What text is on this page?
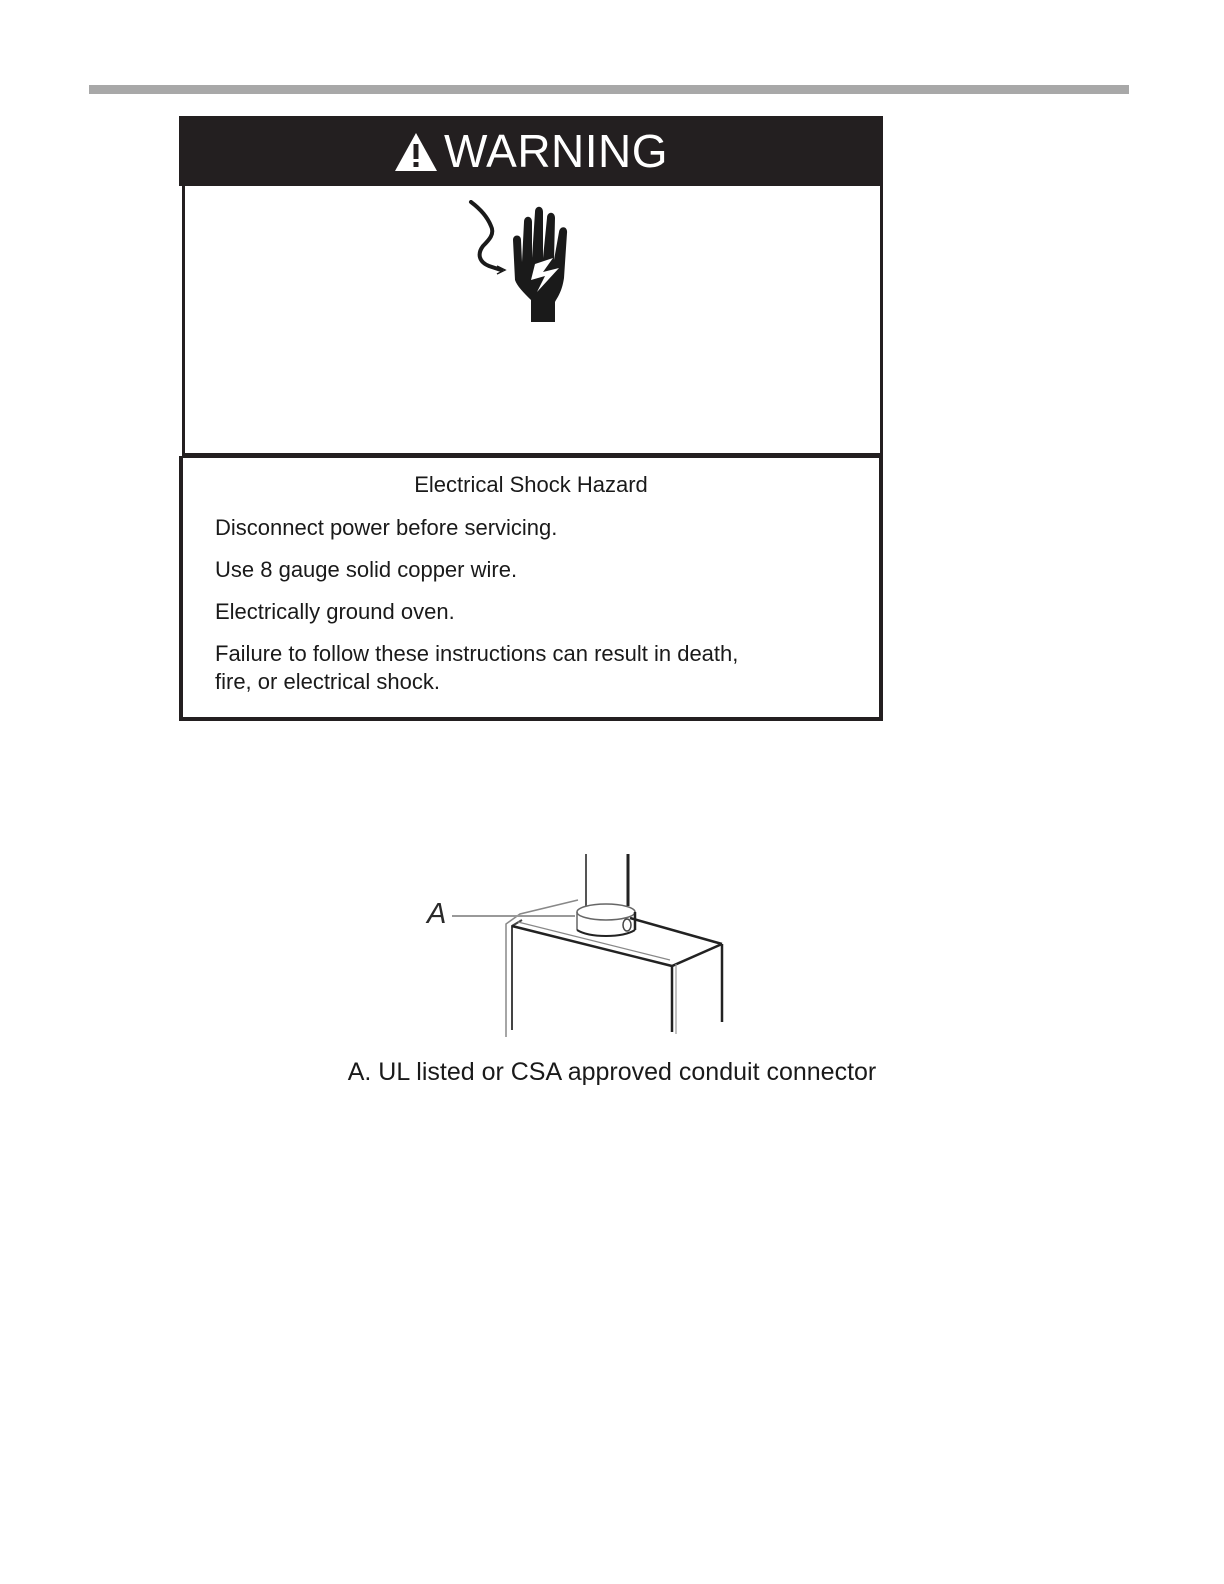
WARNING
Electrical Shock Hazard
Disconnect power before servicing.
Use 8 gauge solid copper wire.
Electrically ground oven.
Failure to follow these instructions can result in death,
fire, or electrical shock.
A
A. UL listed or CSA approved conduit connector
